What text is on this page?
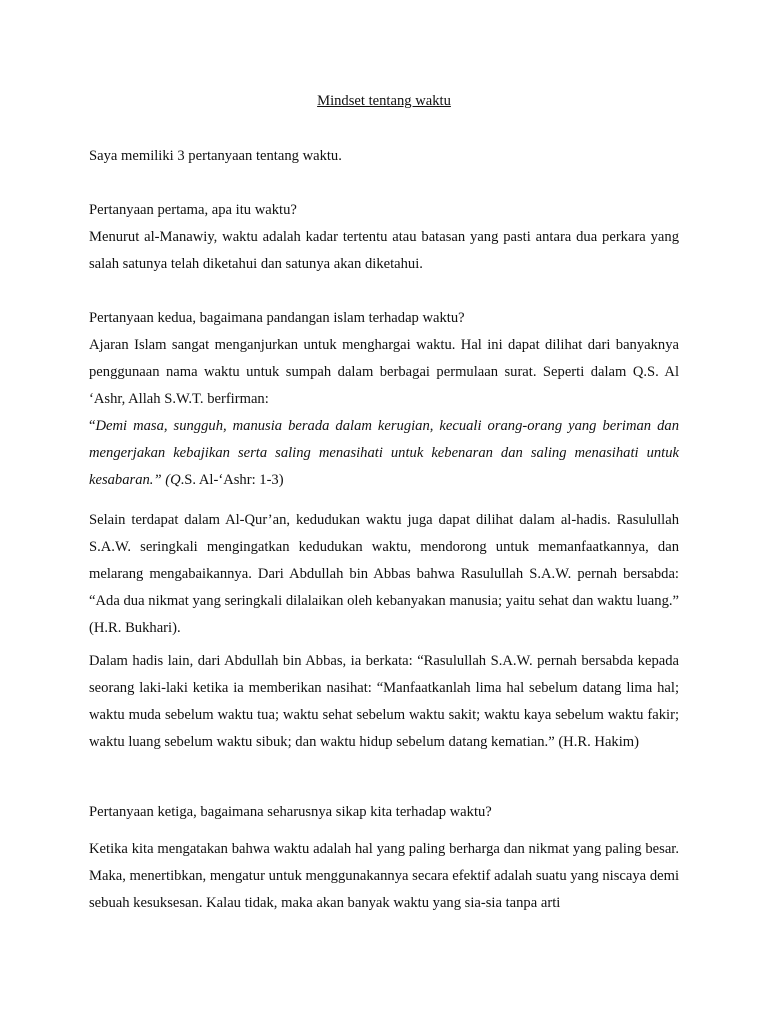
Mindset tentang waktu

Saya memiliki 3 pertanyaan tentang waktu.

Pertanyaan pertama, apa itu waktu?

Menurut al-Manawiy, waktu adalah kadar tertentu atau batasan yang pasti antara dua perkara yang salah satunya telah diketahui dan satunya akan diketahui.

Pertanyaan kedua, bagaimana pandangan islam terhadap waktu?

Ajaran Islam sangat menganjurkan untuk menghargai waktu. Hal ini dapat dilihat dari banyaknya penggunaan nama waktu untuk sumpah dalam berbagai permulaan surat. Seperti dalam Q.S. Al ‘Ashr, Allah S.W.T. berfirman:

“Demi masa, sungguh, manusia berada dalam kerugian, kecuali orang-orang yang beriman dan mengerjakan kebajikan serta saling menasihati untuk kebenaran dan saling menasihati untuk kesabaran.” (Q.S. Al-‘Ashr: 1-3)

Selain terdapat dalam Al-Qur’an, kedudukan waktu juga dapat dilihat dalam al-hadis. Rasulullah S.A.W. seringkali mengingatkan kedudukan waktu, mendorong untuk memanfaatkannya, dan melarang mengabaikannya. Dari Abdullah bin Abbas bahwa Rasulullah S.A.W. pernah bersabda: “Ada dua nikmat yang seringkali dilalaikan oleh kebanyakan manusia; yaitu sehat dan waktu luang.” (H.R. Bukhari).

Dalam hadis lain, dari Abdullah bin Abbas, ia berkata: “Rasulullah S.A.W. pernah bersabda kepada seorang laki-laki ketika ia memberikan nasihat: “Manfaatkanlah lima hal sebelum datang lima hal; waktu muda sebelum waktu tua; waktu sehat sebelum waktu sakit; waktu kaya sebelum waktu fakir; waktu luang sebelum waktu sibuk; dan waktu hidup sebelum datang kematian.” (H.R. Hakim)

Pertanyaan ketiga, bagaimana seharusnya sikap kita terhadap waktu?

Ketika kita mengatakan bahwa waktu adalah hal yang paling berharga dan nikmat yang paling besar. Maka, menertibkan, mengatur untuk menggunakannya secara efektif adalah suatu yang niscaya demi sebuah kesuksesan. Kalau tidak, maka akan banyak waktu yang sia-sia tanpa arti
